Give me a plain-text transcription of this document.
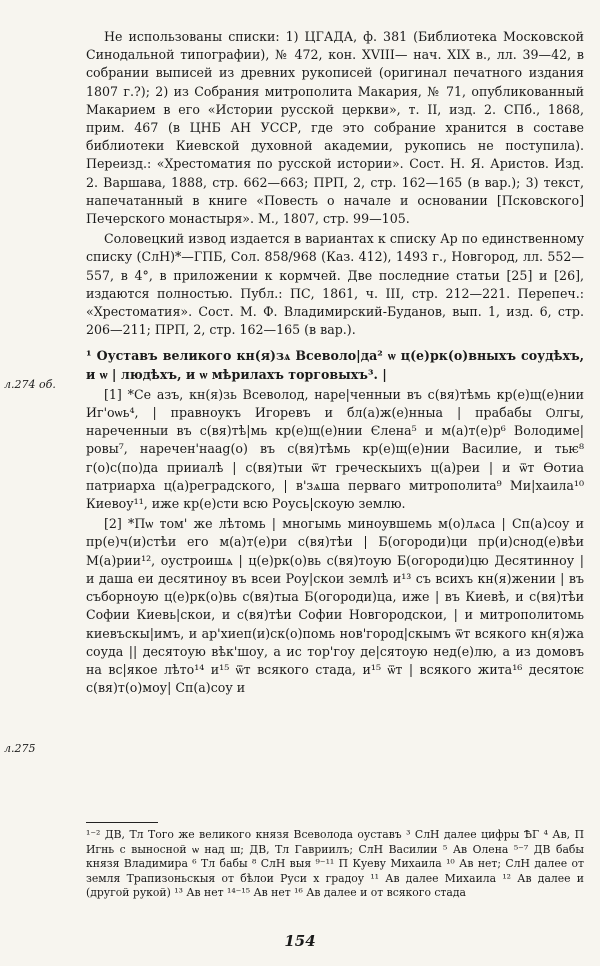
Не использованы списки: 1) ЦГАДА, ф. 381 (Библиотека Московской Синодальной типографии), № 472, кон. XVIII— нач. XIX в., лл. 39—42, в собрании выписей из древних рукописей (оригинал печатного издания 1807 г.?); 2) из Собрания митрополита Макария, № 71, опубликованный Макарием в его «Истории русской церкви», т. II, изд. 2. СПб., 1868, прим. 467 (в ЦНБ АН УССР, где это собрание хранится в составе библиотеки Киевской духовной академии, рукопись не поступила). Переизд.: «Хрестоматия по русской истории». Сост. Н. Я. Аристов. Изд. 2. Варшава, 1888, стр. 662—663; ПРП, 2, стр. 162—165 (в вар.); 3) текст, напечатанный в книге «Повесть о начале и основании [Псковского] Печерского монастыря». М., 1807, стр. 99—105.

Соловецкий извод издается в вариантах к списку Ар по единственному списку (СлН)*—ГПБ, Сол. 858/968 (Каз. 412), 1493 г., Новгород, лл. 552—557, в 4°, в приложении к кормчей. Две последние статьи [25] и [26], издаются полностью. Публ.: ПС, 1861, ч. III, стр. 212—221. Перепеч.: «Хрестоматия». Сост. М. Ф. Владимирский-Буданов, вып. 1, изд. 6, стр. 206—211; ПРП, 2, стр. 162—165 (в вар.).

¹ Оуставъ великого кн(я)зѧ Всеволо|да² ѡ ц(е)рк(о)вныхъ соудѣхъ, и ѡ | людѣхъ, и ѡ мѣрилахъ торговыхъ³. |

[1] *Се азъ, кн(я)зь Всеволод, наре|ченныи въ с(вя)тѣмь кр(е)щ(е)нии Иг'оѡь⁴, | правноукъ Игоревъ и бл(а)ж(е)нныа | прабабы Ѻлгы, нареченныи въ с(вя)тѣ|мь кр(е)щ(е)нии Єлена⁵ и м(а)т(е)р⁶ Володиме|ровы⁷, наречен'наag(о) въ с(вя)тѣмь кр(е)щ(е)нии Василие, и тьѥ⁸ г(о)с(по)да прииалѣ | с(вя)тыи ѿт греческыихъ ц(а)реи | и ѿт Ѳотиа патриарха ц(а)реградского, | в'зѧша перваго митрополита⁹ Ми|хаила¹⁰ Киевоу¹¹, иже кр(е)сти всю Роусь|скоую землю.

[2] *Пѡ том' же лѣтомь | многымь миноувшемь м(о)лѧса | Сп(а)соу и пр(е)ч(и)стѣи его м(а)т(е)ри с(вя)тѣи | Б(огороди)ци пр(и)снод(е)вѣи М(а)рии¹², оустроишѧ | ц(е)рк(о)вь с(вя)тоую Б(огороди)цю Десятинноу | и даша еи десятиноу въ всеи Роу|скои землѣ и¹³ съ всихъ кн(я)жении | въ съборноую ц(е)рк(о)вь с(вя)тыа Б(огороди)ца, иже | въ Киевѣ, и с(вя)тѣи Софии Киевь|скои, и с(вя)тѣи Софии Новгородскои, | и митрополитомь киевъскы|имъ, и ар'хиеп(и)ск(о)помь нов'город|скымъ ѿт всякого кн(я)жа соуда || десятоую вѣк'шоу, а ис тор'гоу де|сятоую нед(е)лю, а из домовъ на вс|якое лѣто¹⁴ и¹⁵ ѿт всякого стада, и¹⁵ ѿт | всякого жита¹⁶ десятоѥ с(вя)т(о)моу| Сп(а)соу и

л.274 об.
л.275
¹⁻² ДВ, Тл Того же великого князя Всеволода оуставъ ³ СлН далее цифры ѢГ ⁴ Ав, П Игнь с выносной ѡ над ш; ДВ, Тл Гавриилъ; СлН Василии ⁵ Ав Олена ⁵⁻⁷ ДВ бабы князя Владимира ⁶ Тл бабы ⁸ СлН выя ⁹⁻¹¹ П Куеву Михаила ¹⁰ Ав нет; СлН далее от земля Трапизоньскыя от бѣлои Руси х градоу ¹¹ Ав далее Михаила ¹² Ав далее и (другой рукой) ¹³ Ав нет ¹⁴⁻¹⁵ Ав нет ¹⁶ Ав далее и от всякого стада
154
